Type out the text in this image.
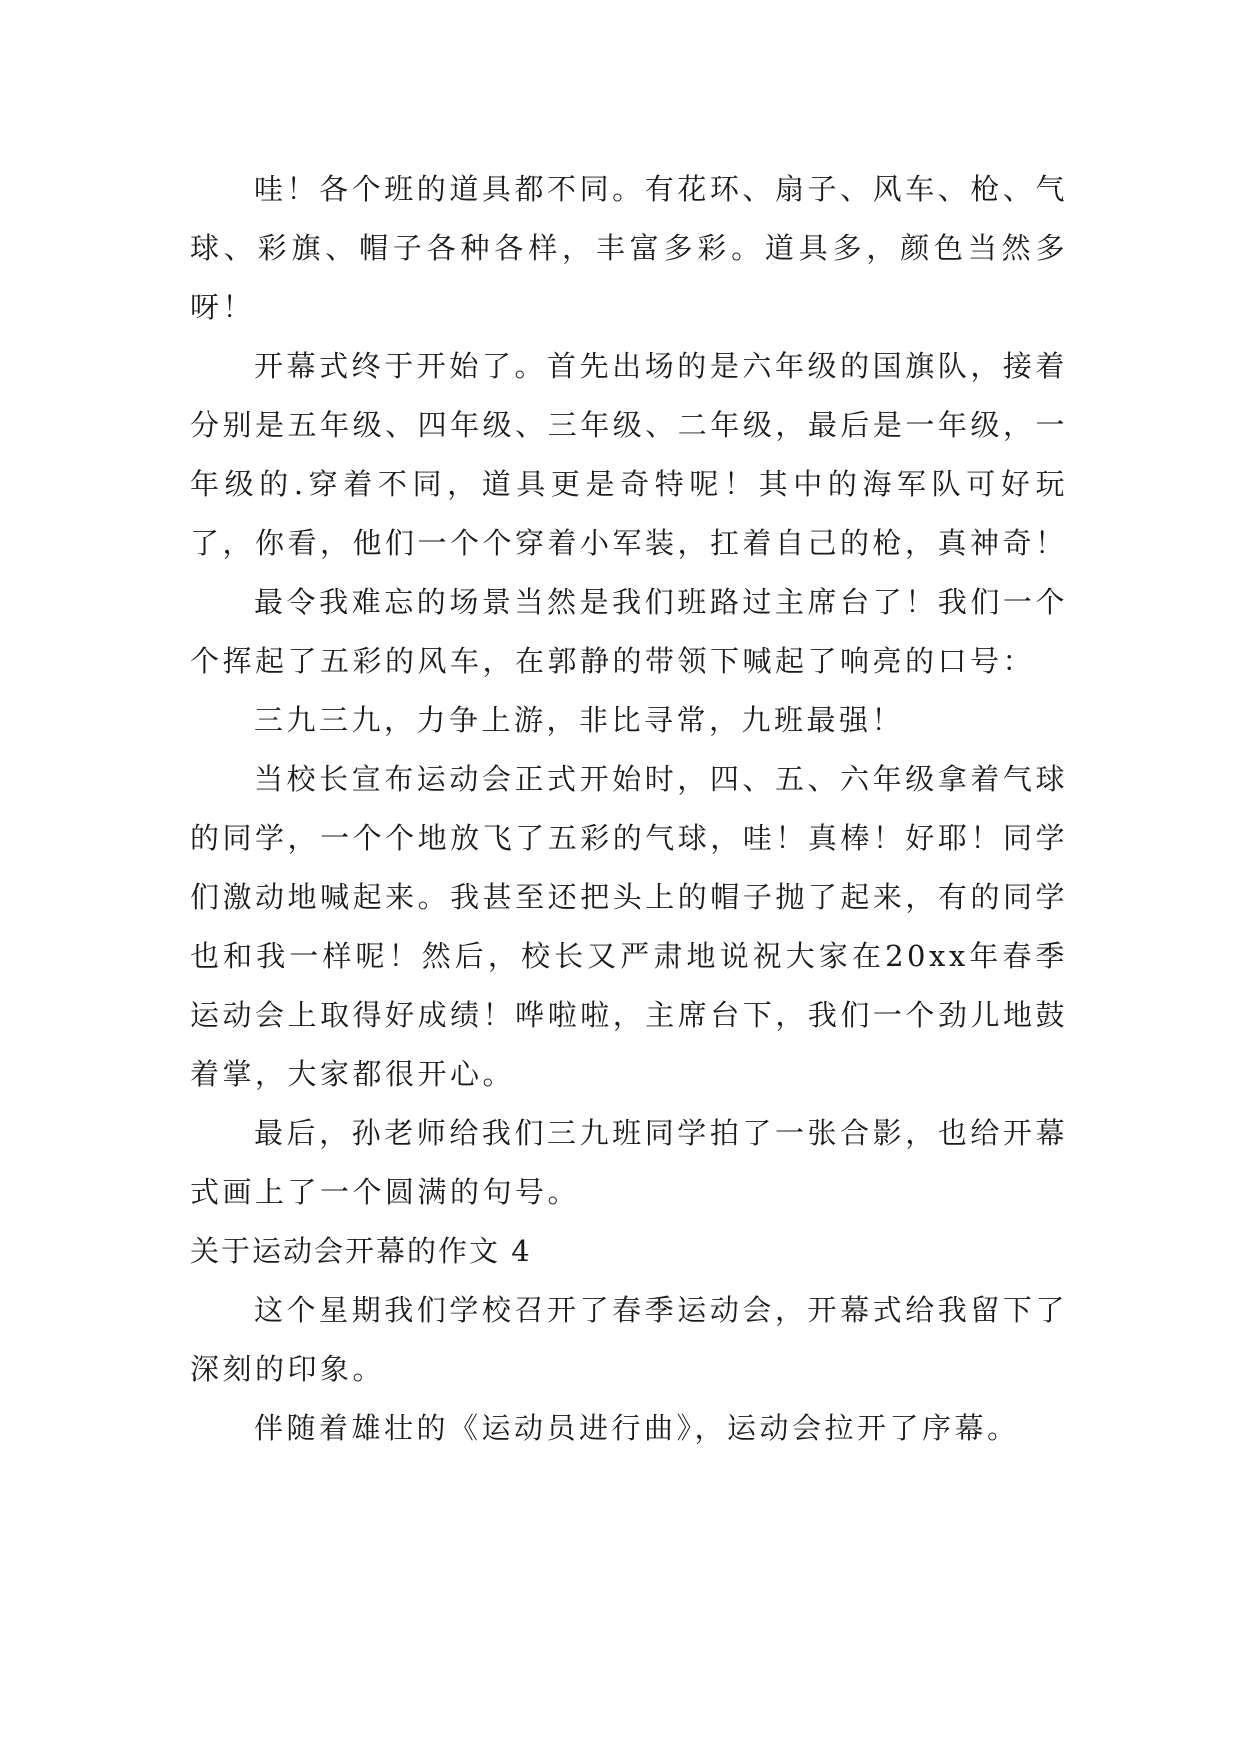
哇！各个班的道具都不同。有花环、扇子、风车、枪、气球、彩旗、帽子各种各样，丰富多彩。道具多，颜色当然多呀！

开幕式终于开始了。首先出场的是六年级的国旗队，接着分别是五年级、四年级、三年级、二年级，最后是一年级，一年级的.穿着不同，道具更是奇特呢！其中的海军队可好玩了，你看，他们一个个穿着小军装，扛着自己的枪，真神奇！

最令我难忘的场景当然是我们班路过主席台了！我们一个个挥起了五彩的风车，在郭静的带领下喊起了响亮的口号：

三九三九，力争上游，非比寻常，九班最强！

当校长宣布运动会正式开始时，四、五、六年级拿着气球的同学，一个个地放飞了五彩的气球，哇！真棒！好耶！同学们激动地喊起来。我甚至还把头上的帽子抛了起来，有的同学也和我一样呢！然后，校长又严肃地说祝大家在20xx年春季运动会上取得好成绩！哗啦啦，主席台下，我们一个劲儿地鼓着掌，大家都很开心。

最后，孙老师给我们三九班同学拍了一张合影，也给开幕式画上了一个圆满的句号。

关于运动会开幕的作文 4

这个星期我们学校召开了春季运动会，开幕式给我留下了深刻的印象。

伴随着雄壮的《运动员进行曲》，运动会拉开了序幕。
